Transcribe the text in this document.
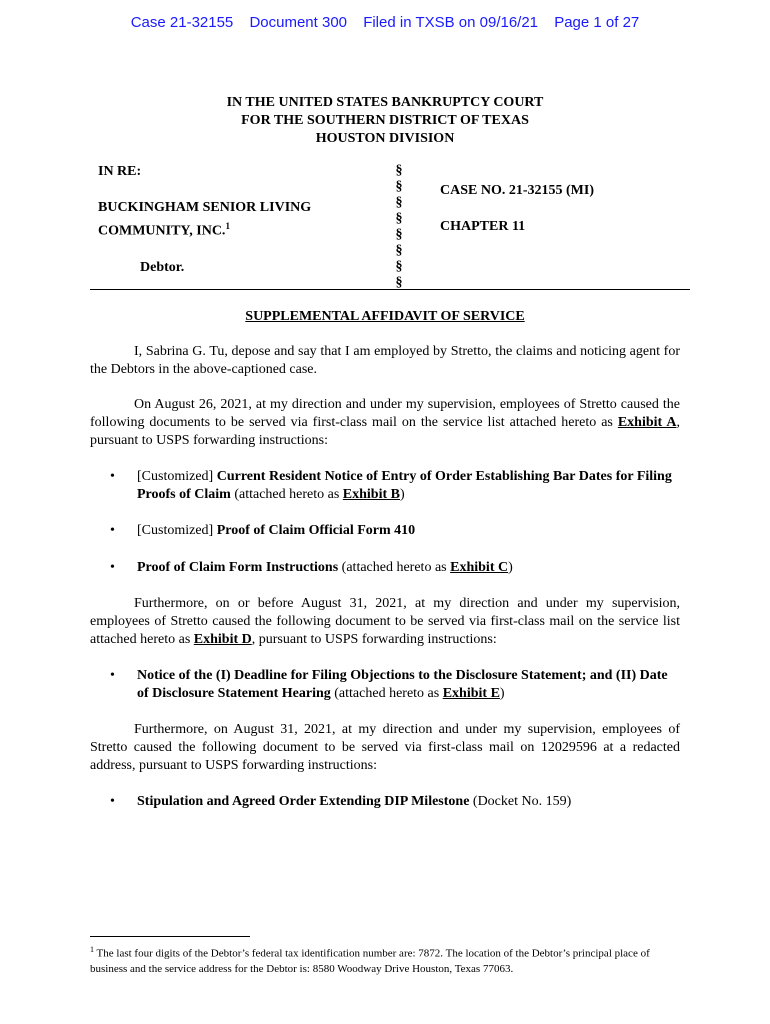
Case 21-32155 Document 300 Filed in TXSB on 09/16/21 Page 1 of 27
IN THE UNITED STATES BANKRUPTCY COURT
FOR THE SOUTHERN DISTRICT OF TEXAS
HOUSTON DIVISION
IN RE:
BUCKINGHAM SENIOR LIVING
COMMUNITY, INC.$^1$
Debtor.
§
§
§
§
§
§
§
§
CASE NO. 21-32155 (MI)
CHAPTER 11
SUPPLEMENTAL AFFIDAVIT OF SERVICE

I, Sabrina G. Tu, depose and say that I am employed by Stretto, the claims and noticing agent for the Debtors in the above-captioned case.

On August 26, 2021, at my direction and under my supervision, employees of Stretto caused the following documents to be served via first-class mail on the service list attached hereto as Exhibit A, pursuant to USPS forwarding instructions:

• [Customized] Current Resident Notice of Entry of Order Establishing Bar Dates for Filing Proofs of Claim (attached hereto as Exhibit B)
• [Customized] Proof of Claim Official Form 410
• Proof of Claim Form Instructions (attached hereto as Exhibit C)

Furthermore, on or before August 31, 2021, at my direction and under my supervision, employees of Stretto caused the following document to be served via first-class mail on the service list attached hereto as Exhibit D, pursuant to USPS forwarding instructions:

• Notice of the (I) Deadline for Filing Objections to the Disclosure Statement; and (II) Date of Disclosure Statement Hearing (attached hereto as Exhibit E)

Furthermore, on August 31, 2021, at my direction and under my supervision, employees of Stretto caused the following document to be served via first-class mail on 12029596 at a redacted address, pursuant to USPS forwarding instructions:

• Stipulation and Agreed Order Extending DIP Milestone (Docket No. 159)
$^1$ The last four digits of the Debtor’s federal tax identification number are: 7872. The location of the Debtor’s principal place of business and the service address for the Debtor is: 8580 Woodway Drive Houston, Texas 77063.
